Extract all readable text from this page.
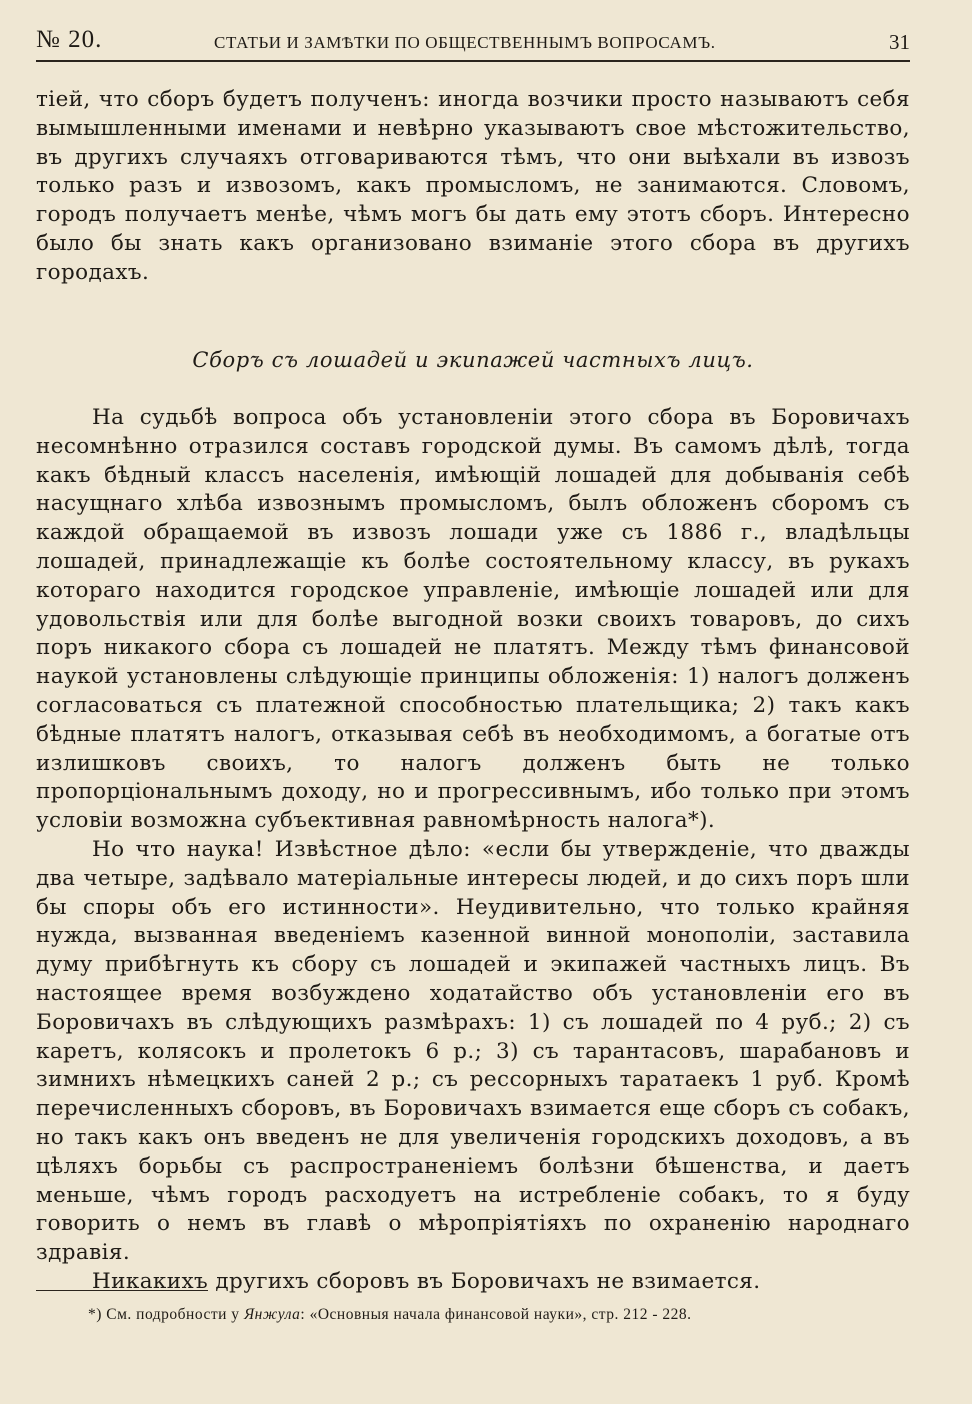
№ 20.	СТАТЬИ И ЗАМѢТКИ ПО ОБЩЕСТВЕННЫМЪ ВОПРОСАМЪ.	31

тіей, что сборъ будетъ полученъ: иногда возчики просто называютъ себя вымышленными именами и невѣрно указываютъ свое мѣстожительство, въ другихъ случаяхъ отговариваются тѣмъ, что они выѣхали въ извозъ только разъ и извозомъ, какъ промысломъ, не занимаются. Словомъ, городъ получаетъ менѣе, чѣмъ могъ бы дать ему этотъ сборъ. Интересно было бы знать какъ организовано взиманіе этого сбора въ другихъ городахъ.

Сборъ съ лошадей и экипажей частныхъ лицъ.

На судьбѣ вопроса объ установленіи этого сбора въ Боровичахъ несомнѣнно отразился составъ городской думы. Въ самомъ дѣлѣ, тогда какъ бѣдный классъ населенія, имѣющій лошадей для добыванія себѣ насущнаго хлѣба извознымъ промысломъ, былъ обложенъ сборомъ съ каждой обращаемой въ извозъ лошади уже съ 1886 г., владѣльцы лошадей, принадлежащіе къ болѣе состоятельному классу, въ рукахъ котораго находится городское управленіе, имѣющіе лошадей или для удовольствія или для болѣе выгодной возки своихъ товаровъ, до сихъ поръ никакого сбора съ лошадей не платятъ. Между тѣмъ финансовой наукой установлены слѣдующіе принципы обложенія: 1) налогъ долженъ согласоваться съ платежной способностью плательщика; 2) такъ какъ бѣдные платятъ налогъ, отказывая себѣ въ необходимомъ, а богатые отъ излишковъ своихъ, то налогъ долженъ быть не только пропорціональнымъ доходу, но и прогрессивнымъ, ибо только при этомъ условіи возможна субъективная равномѣрность налога*).

Но что наука! Извѣстное дѣло: «если бы утвержденіе, что дважды два четыре, задѣвало матеріальные интересы людей, и до сихъ поръ шли бы споры объ его истинности». Неудивительно, что только крайняя нужда, вызванная введеніемъ казенной винной монополіи, заставила думу прибѣгнуть къ сбору съ лошадей и экипажей частныхъ лицъ. Въ настоящее время возбуждено ходатайство объ установленіи его въ Боровичахъ въ слѣдующихъ размѣрахъ: 1) съ лошадей по 4 руб.; 2) съ каретъ, колясокъ и пролетокъ 6 р.; 3) съ тарантасовъ, шарабановъ и зимнихъ нѣмецкихъ саней 2 р.; съ рессорныхъ таратаекъ 1 руб. Кромѣ перечисленныхъ сборовъ, въ Боровичахъ взимается еще сборъ съ собакъ, но такъ какъ онъ введенъ не для увеличенія городскихъ доходовъ, а въ цѣляхъ борьбы съ распространеніемъ болѣзни бѣшенства, и даетъ меньше, чѣмъ городъ расходуетъ на истребленіе собакъ, то я буду говорить о немъ въ главѣ о мѣропріятіяхъ по охраненію народнаго здравія.

Никакихъ другихъ сборовъ въ Боровичахъ не взимается.

*) См. подробности у Янжула: «Основныя начала финансовой науки», стр. 212 - 228.
